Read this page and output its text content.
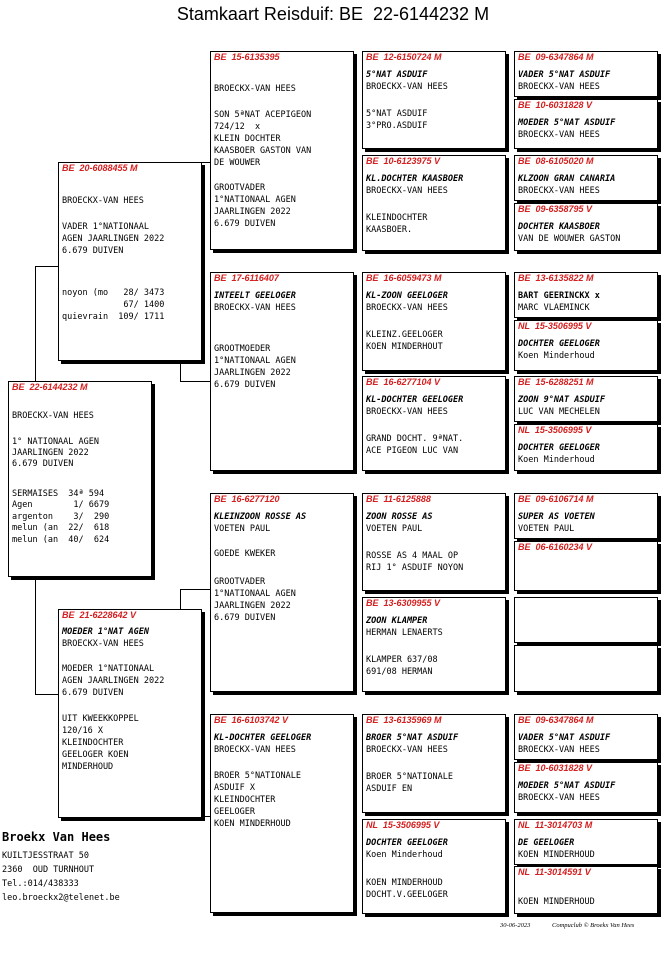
Stamkaart Reisduif: BE  22-6144232 M
BE  22-6144232 M
BROECKX-VAN HEES
1° NATIONAAL AGEN
JAARLINGEN 2022
6.679 DUIVEN
SERMAISES  34ª 594
Agen        1/ 6679
argenton    3/  290
melun (an  22/  618
melun (an  40/  624
BE  20-6088455 M
BROECKX-VAN HEES
VADER 1°NATIONAAL
AGEN JAARLINGEN 2022
6.679 DUIVEN
noyon (mo   28/ 3473
67/ 1400
quievrain  109/ 1711
BE  21-6228642 V
MOEDER 1°NAT AGEN
BROECKX-VAN HEES
MOEDER 1°NATIONAAL
AGEN JAARLINGEN 2022
6.679 DUIVEN
UIT KWEEKKOPPEL
120/16 X
KLEINDOCHTER
GEELOGER KOEN
MINDERHOUD
BE  15-6135395
BROECKX-VAN HEES
SON 5ªNAT ACEPIGEON
724/12  x
KLEIN DOCHTER
KAASBOER GASTON VAN
DE WOUWER
GROOTVADER
1°NATIONAAL AGEN
JAARLINGEN 2022
6.679 DUIVEN
BE  17-6116407
INTEELT GEELOGER
BROECKX-VAN HEES
GROOTMOEDER
1°NATIONAAL AGEN
JAARLINGEN 2022
6.679 DUIVEN
BE  16-6277120
KLEINZOON ROSSE AS
VOETEN PAUL
GOEDE KWEKER
GROOTVADER
1°NATIONAAL AGEN
JAARLINGEN 2022
6.679 DUIVEN
BE  16-6103742 V
KL-DOCHTER GEELOGER
BROECKX-VAN HEES
BROER 5°NATIONALE
ASDUIF X
KLEINDOCHTER
GEELOGER
KOEN MINDERHOUD
BE  12-6150724 M
5°NAT ASDUIF
BROECKX-VAN HEES
5°NAT ASDUIF
3°PRO.ASDUIF
BE  10-6123975 V
KL.DOCHTER KAASBOER
BROECKX-VAN HEES
KLEINDOCHTER
KAASBOER.
BE  16-6059473 M
KL-ZOON GEELOGER
BROECKX-VAN HEES
KLEINZ.GEELOGER
KOEN MINDERHOUT
BE  16-6277104 V
KL-DOCHTER GEELOGER
BROECKX-VAN HEES
GRAND DOCHT. 9ªNAT.
ACE PIGEON LUC VAN
BE  11-6125888
ZOON ROSSE AS
VOETEN PAUL
ROSSE AS 4 MAAL OP
RIJ 1° ASDUIF NOYON
BE  13-6309955 V
ZOON KLAMPER
HERMAN LENAERTS
KLAMPER 637/08
691/08 HERMAN
BE  13-6135969 M
BROER 5°NAT ASDUIF
BROECKX-VAN HEES
BROER 5°NATIONALE
ASDUIF EN
NL  15-3506995 V
DOCHTER GEELOGER
Koen Minderhoud
KOEN MINDERHOUD
DOCHT.V.GEELOGER
BE  09-6347864 M
VADER 5°NAT ASDUIF
BROECKX-VAN HEES
BE  10-6031828 V
MOEDER 5°NAT ASDUIF
BROECKX-VAN HEES
BE  08-6105020 M
KLZOON GRAN CANARIA
BROECKX-VAN HEES
BE  09-6358795 V
DOCHTER KAASBOER
VAN DE WOUWER GASTON
BE  13-6135822 M
BART GEERINCKX x
MARC VLAEMINCK
NL  15-3506995 V
DOCHTER GEELOGER
Koen Minderhoud
BE  15-6288251 M
ZOON 9°NAT ASDUIF
LUC VAN MECHELEN
NL  15-3506995 V
DOCHTER GEELOGER
Koen Minderhoud
BE  09-6106714 M
SUPER AS VOETEN
VOETEN PAUL
BE  06-6160234 V
BE  09-6347864 M
VADER 5°NAT ASDUIF
BROECKX-VAN HEES
BE  10-6031828 V
MOEDER 5°NAT ASDUIF
BROECKX-VAN HEES
NL  11-3014703 M
DE GEELOGER
KOEN MINDERHOUD
NL  11-3014591 V
KOEN MINDERHOUD
Broekx Van Hees
KUILTJESSTRAAT 50
2360  OUD TURNHOUT
Tel.:014/438333
leo.broeckx2@telenet.be
30-06-2023	Compuclub © Broekx Van Hees
